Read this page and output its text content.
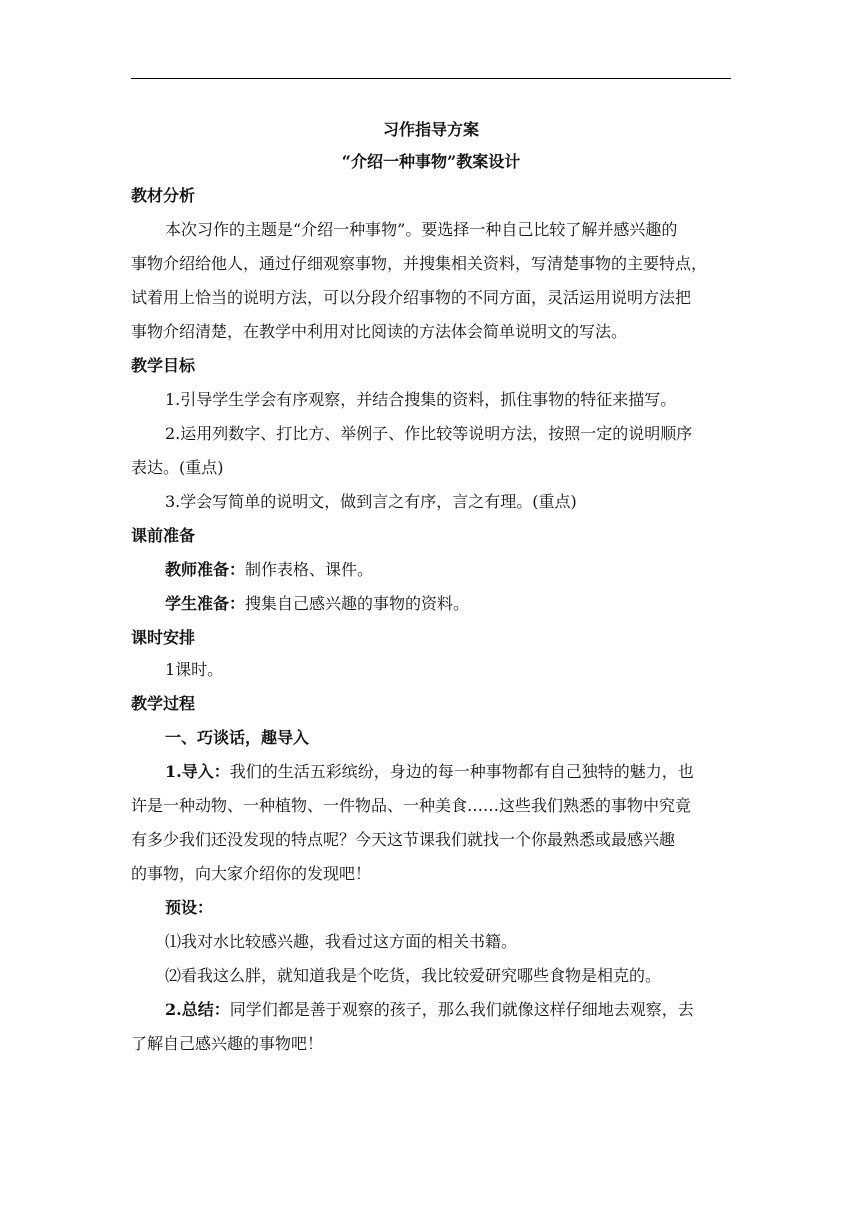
习作指导方案
“介绍一种事物”教案设计
教材分析
本次习作的主题是“介绍一种事物”。要选择一种自己比较了解并感兴趣的
事物介绍给他人，通过仔细观察事物，并搜集相关资料，写清楚事物的主要特点，
试着用上恰当的说明方法，可以分段介绍事物的不同方面，灵活运用说明方法把
事物介绍清楚，在教学中利用对比阅读的方法体会简单说明文的写法。
教学目标
1.引导学生学会有序观察，并结合搜集的资料，抓住事物的特征来描写。
2.运用列数字、打比方、举例子、作比较等说明方法，按照一定的说明顺序
表达。(重点)
3.学会写简单的说明文，做到言之有序，言之有理。(重点)
课前准备
教师准备：制作表格、课件。
学生准备：搜集自己感兴趣的事物的资料。
课时安排
1课时。
教学过程
一、巧谈话，趣导入
1.导入：我们的生活五彩缤纷，身边的每一种事物都有自己独特的魅力，也
许是一种动物、一种植物、一件物品、一种美食……这些我们熟悉的事物中究竟
有多少我们还没发现的特点呢？今天这节课我们就找一个你最熟悉或最感兴趣
的事物，向大家介绍你的发现吧！
预设：
⑴我对水比较感兴趣，我看过这方面的相关书籍。
⑵看我这么胖，就知道我是个吃货，我比较爱研究哪些食物是相克的。
2.总结：同学们都是善于观察的孩子，那么我们就像这样仔细地去观察，去
了解自己感兴趣的事物吧！
